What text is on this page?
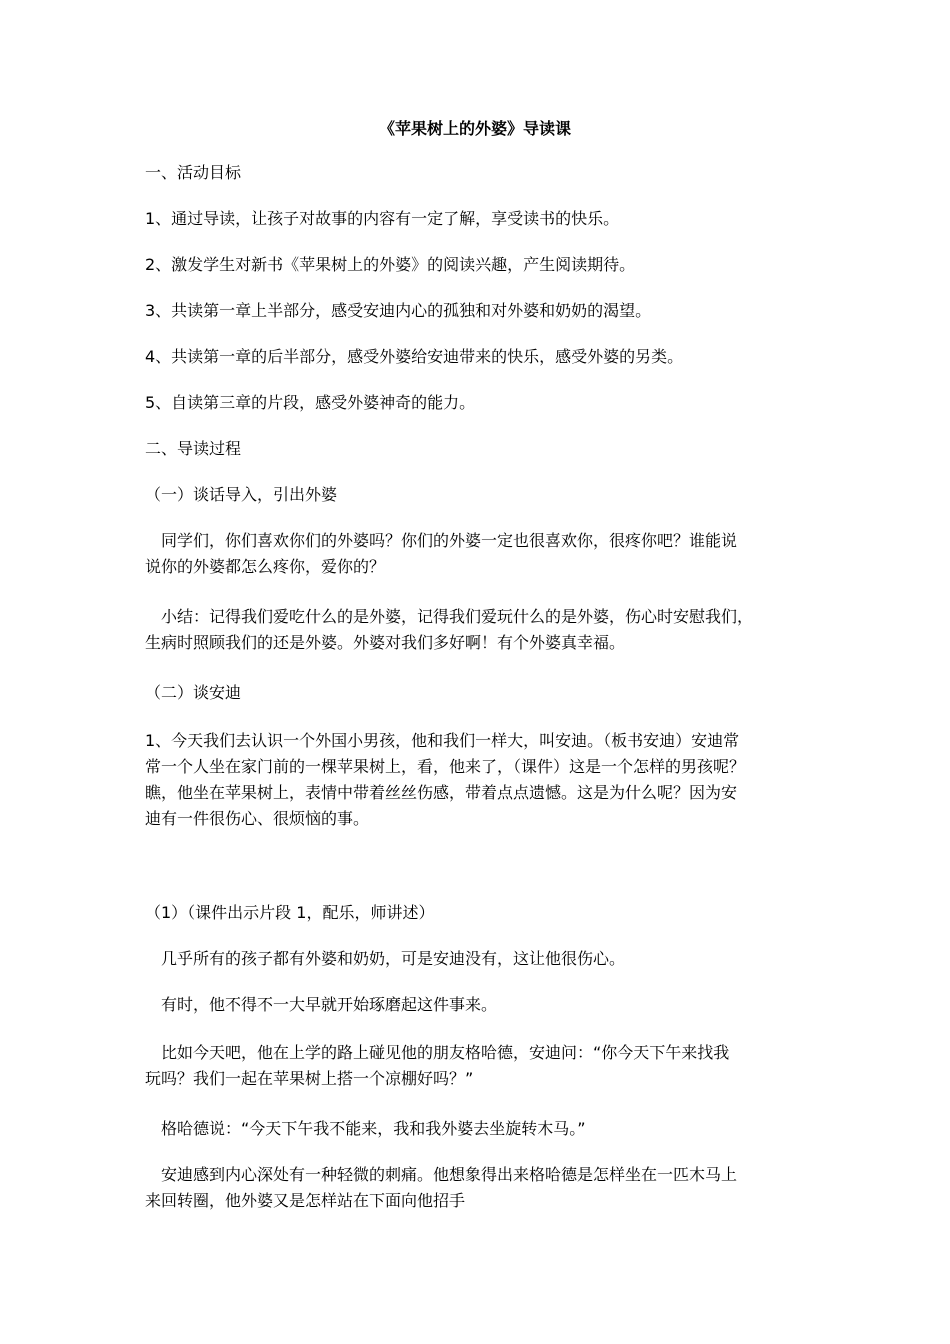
《苹果树上的外婆》导读课

一、活动目标

1、通过导读，让孩子对故事的内容有一定了解，享受读书的快乐。

2、激发学生对新书《苹果树上的外婆》的阅读兴趣，产生阅读期待。

3、共读第一章上半部分，感受安迪内心的孤独和对外婆和奶奶的渴望。

4、共读第一章的后半部分，感受外婆给安迪带来的快乐，感受外婆的另类。

5、自读第三章的片段，感受外婆神奇的能力。

二、导读过程

（一）谈话导入，引出外婆

　同学们，你们喜欢你们的外婆吗？你们的外婆一定也很喜欢你，很疼你吧？谁能说
说你的外婆都怎么疼你，爱你的？

　小结：记得我们爱吃什么的是外婆，记得我们爱玩什么的是外婆，伤心时安慰我们，
生病时照顾我们的还是外婆。外婆对我们多好啊！有个外婆真幸福。

（二）谈安迪

1、今天我们去认识一个外国小男孩，他和我们一样大，叫安迪。（板书安迪）安迪常
常一个人坐在家门前的一棵苹果树上，看，他来了，（课件）这是一个怎样的男孩呢？
瞧，他坐在苹果树上，表情中带着丝丝伤感，带着点点遗憾。这是为什么呢？因为安
迪有一件很伤心、很烦恼的事。

（1）（课件出示片段 1，配乐，师讲述）

　几乎所有的孩子都有外婆和奶奶，可是安迪没有，这让他很伤心。

　有时，他不得不一大早就开始琢磨起这件事来。

　比如今天吧，他在上学的路上碰见他的朋友格哈德，安迪问：“你今天下午来找我
玩吗？我们一起在苹果树上搭一个凉棚好吗？”

　格哈德说：“今天下午我不能来，我和我外婆去坐旋转木马。”

　安迪感到内心深处有一种轻微的刺痛。他想象得出来格哈德是怎样坐在一匹木马上
来回转圈，他外婆又是怎样站在下面向他招手
